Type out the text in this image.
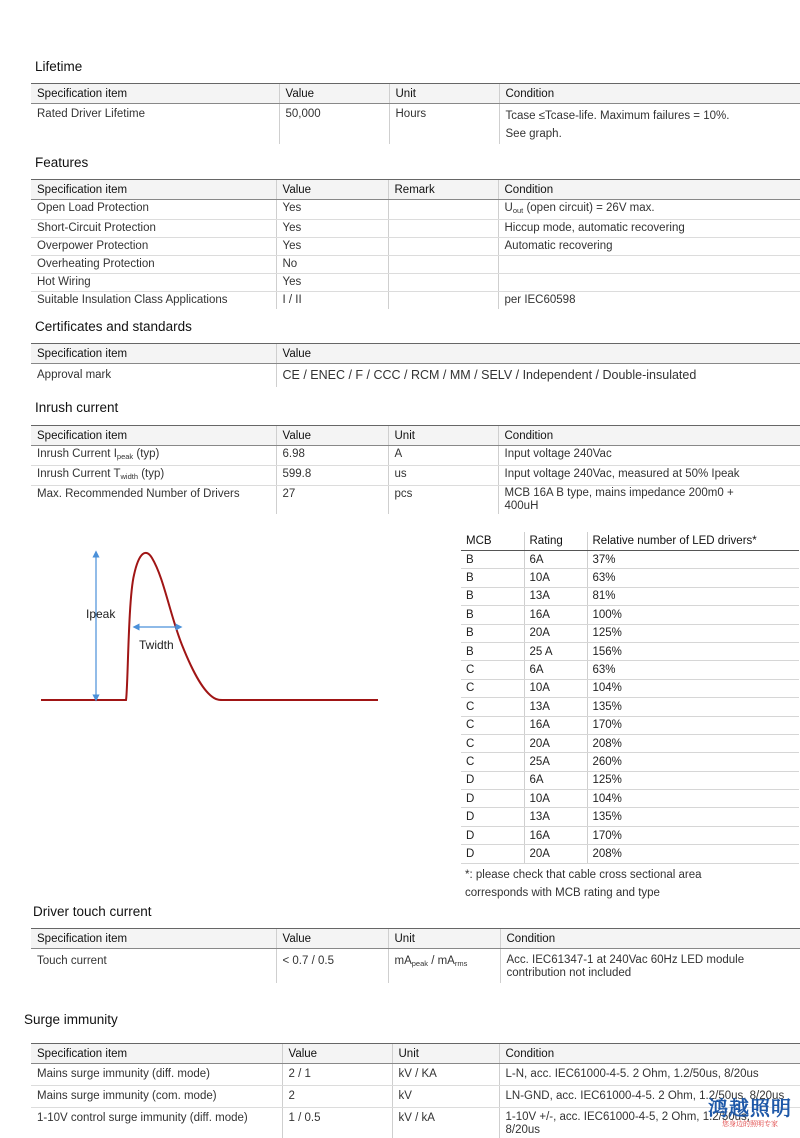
Lifetime
Specification item	Value	Unit	Condition
Rated Driver Lifetime	50,000	Hours	Tcase ≤Tcase-life. Maximum failures = 10%.
See graph.
Features
Specification item	Value	Remark	Condition
Open Load Protection	Yes		$U_{out}$ (open circuit) = 26V max.
Short-Circuit Protection	Yes		Hiccup mode, automatic recovering
Overpower Protection	Yes		Automatic recovering
Overheating Protection	No		
Hot Wiring	Yes		
Suitable Insulation Class Applications	I / II		per IEC60598
Certificates and standards
Specification item	Value
Approval mark	CE / ENEC / F / CCC / RCM / MM / SELV / Independent / Double-insulated
Inrush current
Specification item	Value	Unit	Condition
Inrush Current $I_{peak}$ (typ)	6.98	A	Input voltage 240Vac
Inrush Current $T_{width}$ (typ)	599.8	us	Input voltage 240Vac, measured at 50% Ipeak
Max. Recommended Number of Drivers	27	pcs	MCB 16A B type, mains impedance 200m0 +
400uH
Ipeak
Twidth
MCB	Rating	Relative number of LED drivers*
B	6A	37%
B	10A	63%
B	13A	81%
B	16A	100%
B	20A	125%
B	25 A	156%
C	6A	63%
C	10A	104%
C	13A	135%
C	16A	170%
C	20A	208%
C	25A	260%
D	6A	125%
D	10A	104%
D	13A	135%
D	16A	170%
D	20A	208%
*: please check that cable cross sectional area
corresponds with MCB rating and type
Driver touch current
Specification item	Value	Unit	Condition
Touch current	< 0.7 / 0.5	$mA_{peak} / mA_{rms}$	Acc. IEC61347-1 at 240Vac 60Hz LED module
contribution not included
Surge immunity
Specification item	Value	Unit	Condition
Mains surge immunity (diff. mode)	2 / 1	kV / KA	L-N, acc. IEC61000-4-5. 2 Ohm, 1.2/50us, 8/20us
Mains surge immunity (com. mode)	2	kV	LN-GND, acc. IEC61000-4-5. 2 Ohm, 1.2/50us, 8/20us
1-10V control surge immunity (diff. mode)	1 / 0.5	kV / kA	1-10V +/-, acc. IEC61000-4-5, 2 Ohm, 1.2/50us,
8/20us
鸿越照明
您身边的照明专家
